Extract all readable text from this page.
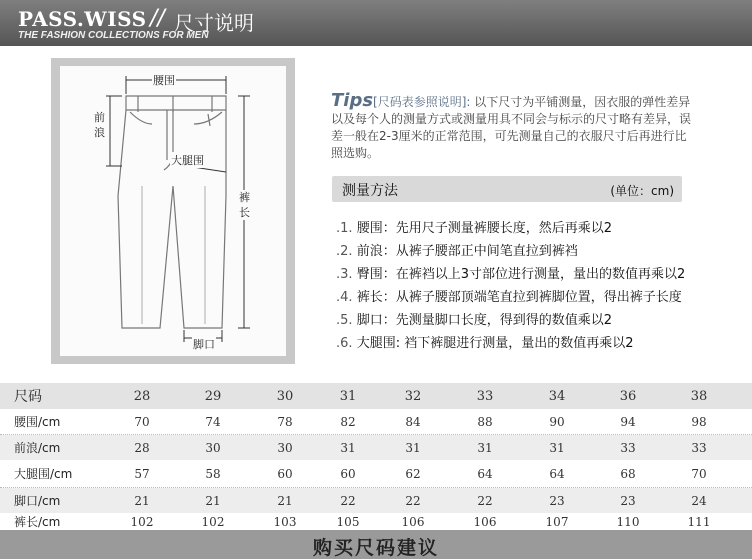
PASS.WISS // 尺寸说明
THE FASHION COLLECTIONS FOR MEN
腰围
前
浪
大腿围
裤
长
脚口
Tips[尺码表参照说明]: 以下尺寸为平铺测量，因衣服的弹性差异以及每个人的测量方式或测量用具不同会与标示的尺寸略有差异，误差一般在2-3厘米的正常范围，可先测量自己的衣服尺寸后再进行比照选购。
测量方法	(单位：cm)
.1. 腰围：先用尺子测量裤腰长度，然后再乘以2
.2. 前浪：从裤子腰部正中间笔直拉到裤裆
.3. 臀围：在裤裆以上3寸部位进行测量，量出的数值再乘以2
.4. 裤长：从裤子腰部顶端笔直拉到裤脚位置，得出裤子长度
.5. 脚口：先测量脚口长度，得到得的数值乘以2
.6. 大腿围: 裆下裤腿进行测量，量出的数值再乘以2
尺码	28	29	30	31	32	33	34	36	38
腰围/cm	70	74	78	82	84	88	90	94	98
前浪/cm	28	30	30	31	31	31	31	33	33
大腿围/cm	57	58	60	60	62	64	64	68	70
脚口/cm	21	21	21	22	22	22	23	23	24
裤长/cm	102	102	103	105	106	106	107	110	111
购买尺码建议
